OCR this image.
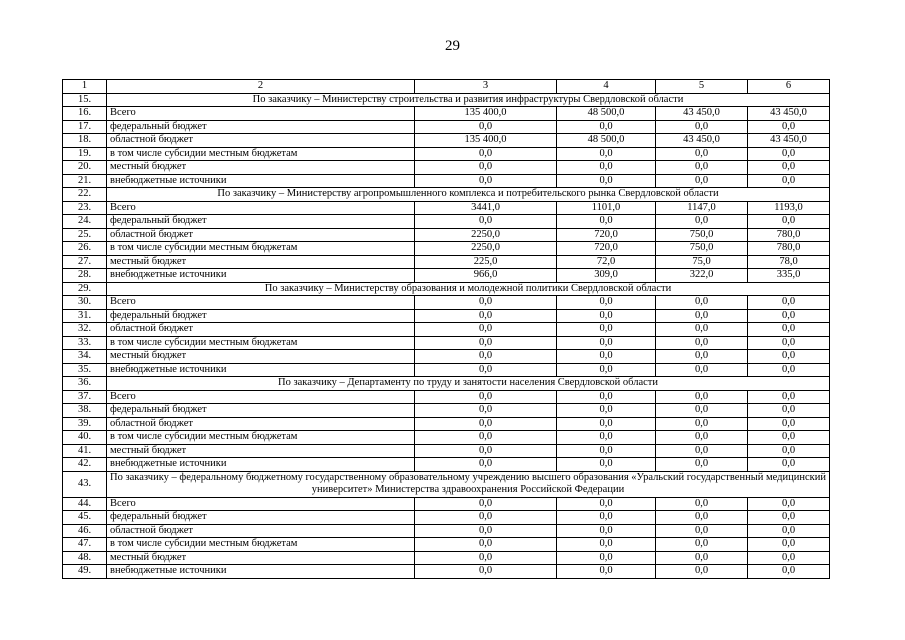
29
1	2	3	4	5	6
15.	По заказчику – Министерству строительства и развития инфраструктуры Свердловской области				
16.	Всего	135 400,0	48 500,0	43 450,0	43 450,0
17.	федеральный бюджет	0,0	0,0	0,0	0,0
18.	областной бюджет	135 400,0	48 500,0	43 450,0	43 450,0
19.	в том числе субсидии местным бюджетам	0,0	0,0	0,0	0,0
20.	местный бюджет	0,0	0,0	0,0	0,0
21.	внебюджетные источники	0,0	0,0	0,0	0,0
22.	По заказчику – Министерству агропромышленного комплекса и потребительского рынка Свердловской области				
23.	Всего	3441,0	1101,0	1147,0	1193,0
24.	федеральный бюджет	0,0	0,0	0,0	0,0
25.	областной бюджет	2250,0	720,0	750,0	780,0
26.	в том числе субсидии местным бюджетам	2250,0	720,0	750,0	780,0
27.	местный бюджет	225,0	72,0	75,0	78,0
28.	внебюджетные источники	966,0	309,0	322,0	335,0
29.	По заказчику – Министерству образования и молодежной политики Свердловской области				
30.	Всего	0,0	0,0	0,0	0,0
31.	федеральный бюджет	0,0	0,0	0,0	0,0
32.	областной бюджет	0,0	0,0	0,0	0,0
33.	в том числе субсидии местным бюджетам	0,0	0,0	0,0	0,0
34.	местный бюджет	0,0	0,0	0,0	0,0
35.	внебюджетные источники	0,0	0,0	0,0	0,0
36.	По заказчику – Департаменту по труду и занятости населения Свердловской области				
37.	Всего	0,0	0,0	0,0	0,0
38.	федеральный бюджет	0,0	0,0	0,0	0,0
39.	областной бюджет	0,0	0,0	0,0	0,0
40.	в том числе субсидии местным бюджетам	0,0	0,0	0,0	0,0
41.	местный бюджет	0,0	0,0	0,0	0,0
42.	внебюджетные источники	0,0	0,0	0,0	0,0
43.	По заказчику – федеральному бюджетному государственному образовательному учреждению высшего образования «Уральский государственный медицинский университет» Министерства здравоохранения Российской Федерации				
44.	Всего	0,0	0,0	0,0	0,0
45.	федеральный бюджет	0,0	0,0	0,0	0,0
46.	областной бюджет	0,0	0,0	0,0	0,0
47.	в том числе субсидии местным бюджетам	0,0	0,0	0,0	0,0
48.	местный бюджет	0,0	0,0	0,0	0,0
49.	внебюджетные источники	0,0	0,0	0,0	0,0
